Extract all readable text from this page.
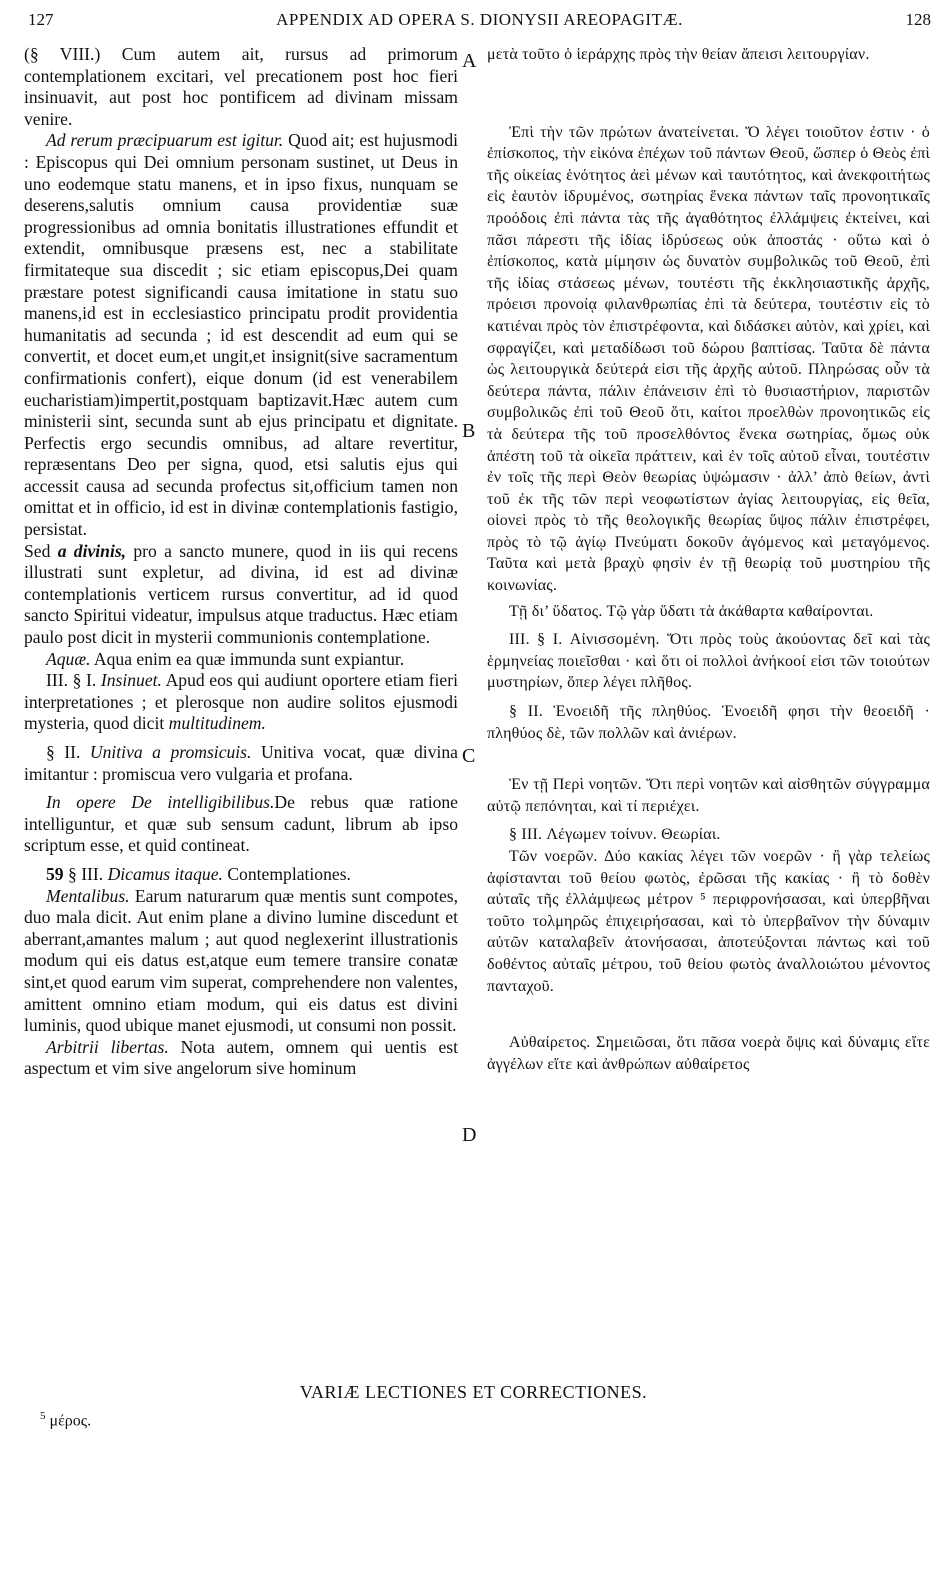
127	APPENDIX AD OPERA S. DIONYSII AREOPAGITÆ.	128

(§ VIII.) Cum autem ait, rursus ad primorum contemplationem excitari, vel precationem post hoc fieri insinuavit, aut post hoc pontificem ad divinam missam venire.

Ad rerum præcipuarum est igitur. Quod ait; est hujusmodi : Episcopus qui Dei omnium personam sustinet, ut Deus in uno eodemque statu manens, et in ipso fixus, nunquam se deserens,salutis omnium causa providentiæ suæ progressionibus ad omnia bonitatis illustrationes effundit et extendit, omnibusque præsens est, nec a stabilitate firmitateque sua discedit ; sic etiam episcopus,Dei quam præstare potest significandi causa imitatione in statu suo manens,id est in ecclesiastico principatu prodit providentia humanitatis ad secunda ; id est descendit ad eum qui se convertit, et docet eum,et ungit,et insignit(sive sacramentum confirmationis confert), eique donum (id est venerabilem eucharistiam)impertit,postquam baptizavit.Hæc autem cum ministerii sint, secunda sunt ab ejus principatu et dignitate. Perfectis ergo secundis omnibus, ad altare revertitur, repræsentans Deo per signa, quod, etsi salutis ejus qui accessit causa ad secunda profectus sit,officium tamen non omittat et in officio, id est in divinæ contemplationis fastigio, persistat.

Sed a divinis, pro a sancto munere, quod in iis qui recens illustrati sunt expletur, ad divina, id est ad divinæ contemplationis verticem rursus convertitur, ad id quod sancto Spiritui videatur, impulsus atque traductus. Hæc etiam paulo post dicit in mysterii communionis contemplatione.

Aquæ. Aqua enim ea quæ immunda sunt expiantur.

III. § I. Insinuet. Apud eos qui audiunt oportere etiam fieri interpretationes ; et plerosque non audire solitos ejusmodi mysteria, quod dicit multitudinem.

§ II. Unitiva a promsicuis. Unitiva vocat, quæ divina imitantur : promiscua vero vulgaria et profana.

In opere De intelligibilibus.De rebus quæ ratione intelliguntur, et quæ sub sensum cadunt, librum ab ipso scriptum esse, et quid contineat.

59 § III. Dicamus itaque. Contemplationes.

Mentalibus. Earum naturarum quæ mentis sunt compotes, duo mala dicit. Aut enim plane a divino lumine discedunt et aberrant,amantes malum ; aut quod neglexerint illustrationis modum qui eis datus est,atque eum temere transire conatæ sint,et quod earum vim superat, comprehendere non valentes, amittent omnino etiam modum, qui eis datus est divini luminis, quod ubique manet ejusmodi, ut consumi non possit.

Arbitrii libertas. Nota autem, omnem qui uentis est aspectum et vim sive angelorum sive hominum

A
B
C
D

μετὰ τοῦτο ὁ ἱεράρχης πρὸς τὴν θείαν ἄπεισι λειτουργίαν.

Ἐπὶ τὴν τῶν πρώτων ἀνατείνεται. Ὅ λέγει τοιοῦτον ἐστιν · ὁ ἐπίσκοπος, τὴν εἰκόνα ἐπέχων τοῦ πάντων Θεοῦ, ὥσπερ ὁ Θεὸς ἐπὶ τῆς οἰκείας ἑνότητος ἀεὶ μένων καὶ ταυτότητος, καὶ ἀνεκφοιτήτως εἰς ἑαυτὸν ἱδρυμένος, σωτηρίας ἕνεκα πάντων ταῖς προνοητικαῖς προόδοις ἐπὶ πάντα τὰς τῆς ἀγαθότητος ἐλλάμψεις ἐκτείνει, καὶ πᾶσι πάρεστι τῆς ἰδίας ἱδρύσεως οὐκ ἀποστάς · οὕτω καὶ ὁ ἐπίσκοπος, κατὰ μίμησιν ὡς δυνατὸν συμβολικῶς τοῦ Θεοῦ, ἐπὶ τῆς ἰδίας στάσεως μένων, τουτέστι τῆς ἐκκλησιαστικῆς ἀρχῆς, πρόεισι προνοίᾳ φιλανθρωπίας ἐπὶ τὰ δεύτερα, τουτέστιν εἰς τὸ κατιέναι πρὸς τὸν ἐπιστρέφοντα, καὶ διδάσκει αὐτὸν, καὶ χρίει, καὶ σφραγίζει, καὶ μεταδίδωσι τοῦ δώρου βαπτίσας. Ταῦτα δὲ πάντα ὡς λειτουργικὰ δεύτερά εἰσι τῆς ἀρχῆς αὐτοῦ. Πληρώσας οὖν τὰ δεύτερα πάντα, πάλιν ἐπάνεισιν ἐπὶ τὸ θυσιαστήριον, παριστῶν συμβολικῶς ἐπὶ τοῦ Θεοῦ ὅτι, καίτοι προελθὼν προνοητικῶς εἰς τὰ δεύτερα τῆς τοῦ προσελθόντος ἕνεκα σωτηρίας, ὅμως οὐκ ἀπέστη τοῦ τὰ οἰκεῖα πράττειν, καὶ ἐν τοῖς αὐτοῦ εἶναι, τουτέστιν ἐν τοῖς τῆς περὶ Θεὸν θεωρίας ὑψώμασιν · ἀλλ’ ἀπὸ θείων, ἀντὶ τοῦ ἐκ τῆς τῶν περὶ νεοφωτίστων ἁγίας λειτουργίας, εἰς θεῖα, οἱονεὶ πρὸς τὸ τῆς θεολογικῆς θεωρίας ὕψος πάλιν ἐπιστρέφει, πρὸς τὸ τῷ ἁγίῳ Πνεύματι δοκοῦν ἀγόμενος καὶ μεταγόμενος. Ταῦτα καὶ μετὰ βραχὺ φησὶν ἐν τῇ θεωρίᾳ τοῦ μυστηρίου τῆς κοινωνίας.

Τῇ δι’ ὕδατος. Τῷ γὰρ ὕδατι τὰ ἀκάθαρτα καθαίρονται.

III. § I. Αἰνισσομένη. Ὅτι πρὸς τοὺς ἀκούοντας δεῖ καὶ τὰς ἑρμηνείας ποιεῖσθαι · καὶ ὅτι οἱ πολλοὶ ἀνήκοοί εἰσι τῶν τοιούτων μυστηρίων, ὅπερ λέγει πλῆθος.

§ II. Ἑνοειδῆ τῆς πληθύος. Ἑνοειδῆ φησι τὴν θεοειδῆ · πληθύος δὲ, τῶν πολλῶν καὶ ἀνιέρων.

Ἐν τῇ Περὶ νοητῶν. Ὅτι περὶ νοητῶν καὶ αἰσθητῶν σύγγραμμα αὐτῷ πεπόνηται, καὶ τί περιέχει.

§ III. Λέγωμεν τοίνυν. Θεωρίαι.

Τῶν νοερῶν. Δύο κακίας λέγει τῶν νοερῶν · ἢ γὰρ τελείως ἀφίστανται τοῦ θείου φωτὸς, ἐρῶσαι τῆς κακίας · ἢ τὸ δοθὲν αὐταῖς τῆς ἐλλάμψεως μέτρον ⁵ περιφρονήσασαι, καὶ ὑπερβῆναι τοῦτο τολμηρῶς ἐπιχειρήσασαι, καὶ τὸ ὑπερβαῖνον τὴν δύναμιν αὐτῶν καταλαβεῖν ἀτονήσασαι, ἀποτεύξονται πάντως καὶ τοῦ δοθέντος αὐταῖς μέτρου, τοῦ θείου φωτὸς ἀναλλοιώτου μένοντος πανταχοῦ.

Αὐθαίρετος. Σημειῶσαι, ὅτι πᾶσα νοερὰ ὄψις καὶ δύναμις εἴτε ἀγγέλων εἴτε καὶ ἀνθρώπων αὐθαίρετος

VARIÆ LECTIONES ET CORRECTIONES.
$^5$ μέρος.
